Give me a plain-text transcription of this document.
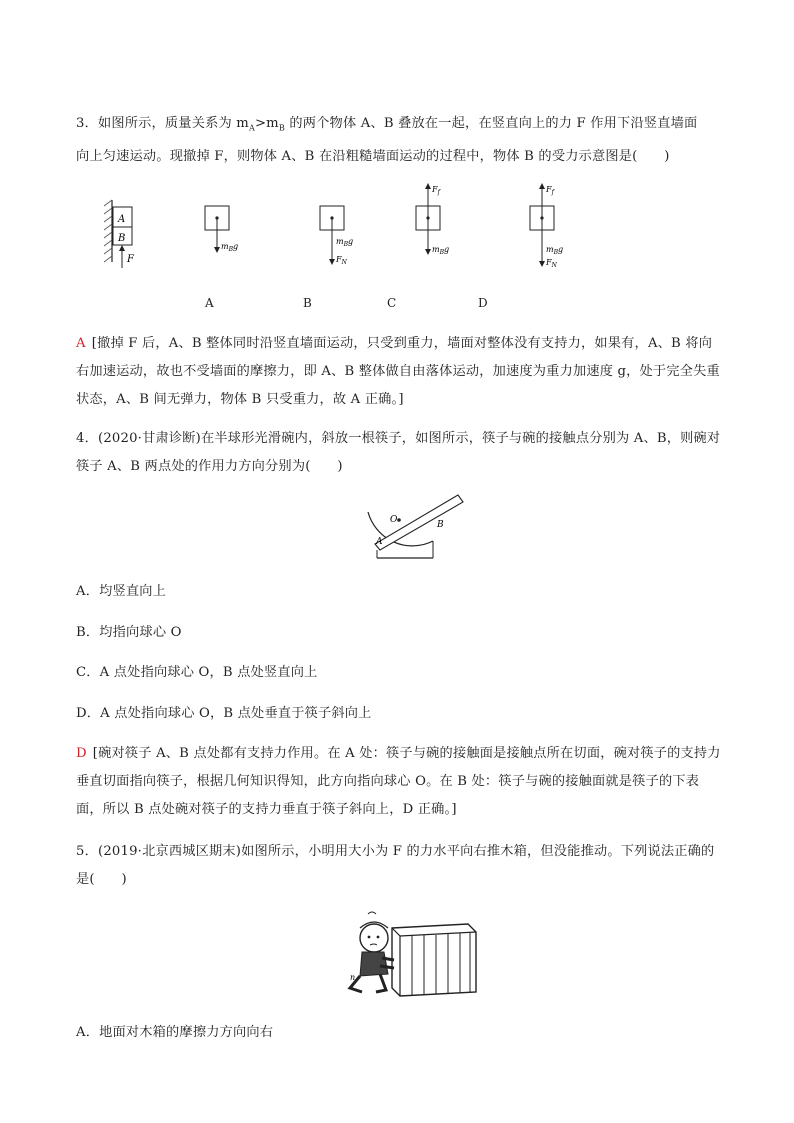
3．如图所示，质量关系为 $m_A>m_B$ 的两个物体 A、B 叠放在一起，在竖直向上的力 F 作用下沿竖直墙面
向上匀速运动。现撤掉 F，则物体 A、B 在沿粗糙墙面运动的过程中，物体 B 的受力示意图是(　　)
A
B
F
$m_Bg$
$m_Bg$
$F_N$
$F_f$
$m_Bg$
$F_f$
$m_Bg$
$F_N$
A	B	C	D
A [撤掉 F 后，A、B 整体同时沿竖直墙面运动，只受到重力，墙面对整体没有支持力，如果有，A、B 将向右加速运动，故也不受墙面的摩擦力，即 A、B 整体做自由落体运动，加速度为重力加速度 g，处于完全失重状态，A、B 间无弹力，物体 B 只受重力，故 A 正确。]
4．(2020·甘肃诊断)在半球形光滑碗内，斜放一根筷子，如图所示，筷子与碗的接触点分别为 A、B，则碗对筷子 A、B 两点处的作用力方向分别为(　　)
O
A
B
A．均竖直向上
B．均指向球心 O
C．A 点处指向球心 O，B 点处竖直向上
D．A 点处指向球心 O，B 点处垂直于筷子斜向上
D [碗对筷子 A、B 点处都有支持力作用。在 A 处：筷子与碗的接触面是接触点所在切面，碗对筷子的支持力垂直切面指向筷子，根据几何知识得知，此方向指向球心 O。在 B 处：筷子与碗的接触面就是筷子的下表面，所以 B 点处碗对筷子的支持力垂直于筷子斜向上，D 正确。]
5．(2019·北京西城区期末)如图所示，小明用大小为 F 的力水平向右推木箱，但没能推动。下列说法正确的是(　　)
n
A．地面对木箱的摩擦力方向向右
